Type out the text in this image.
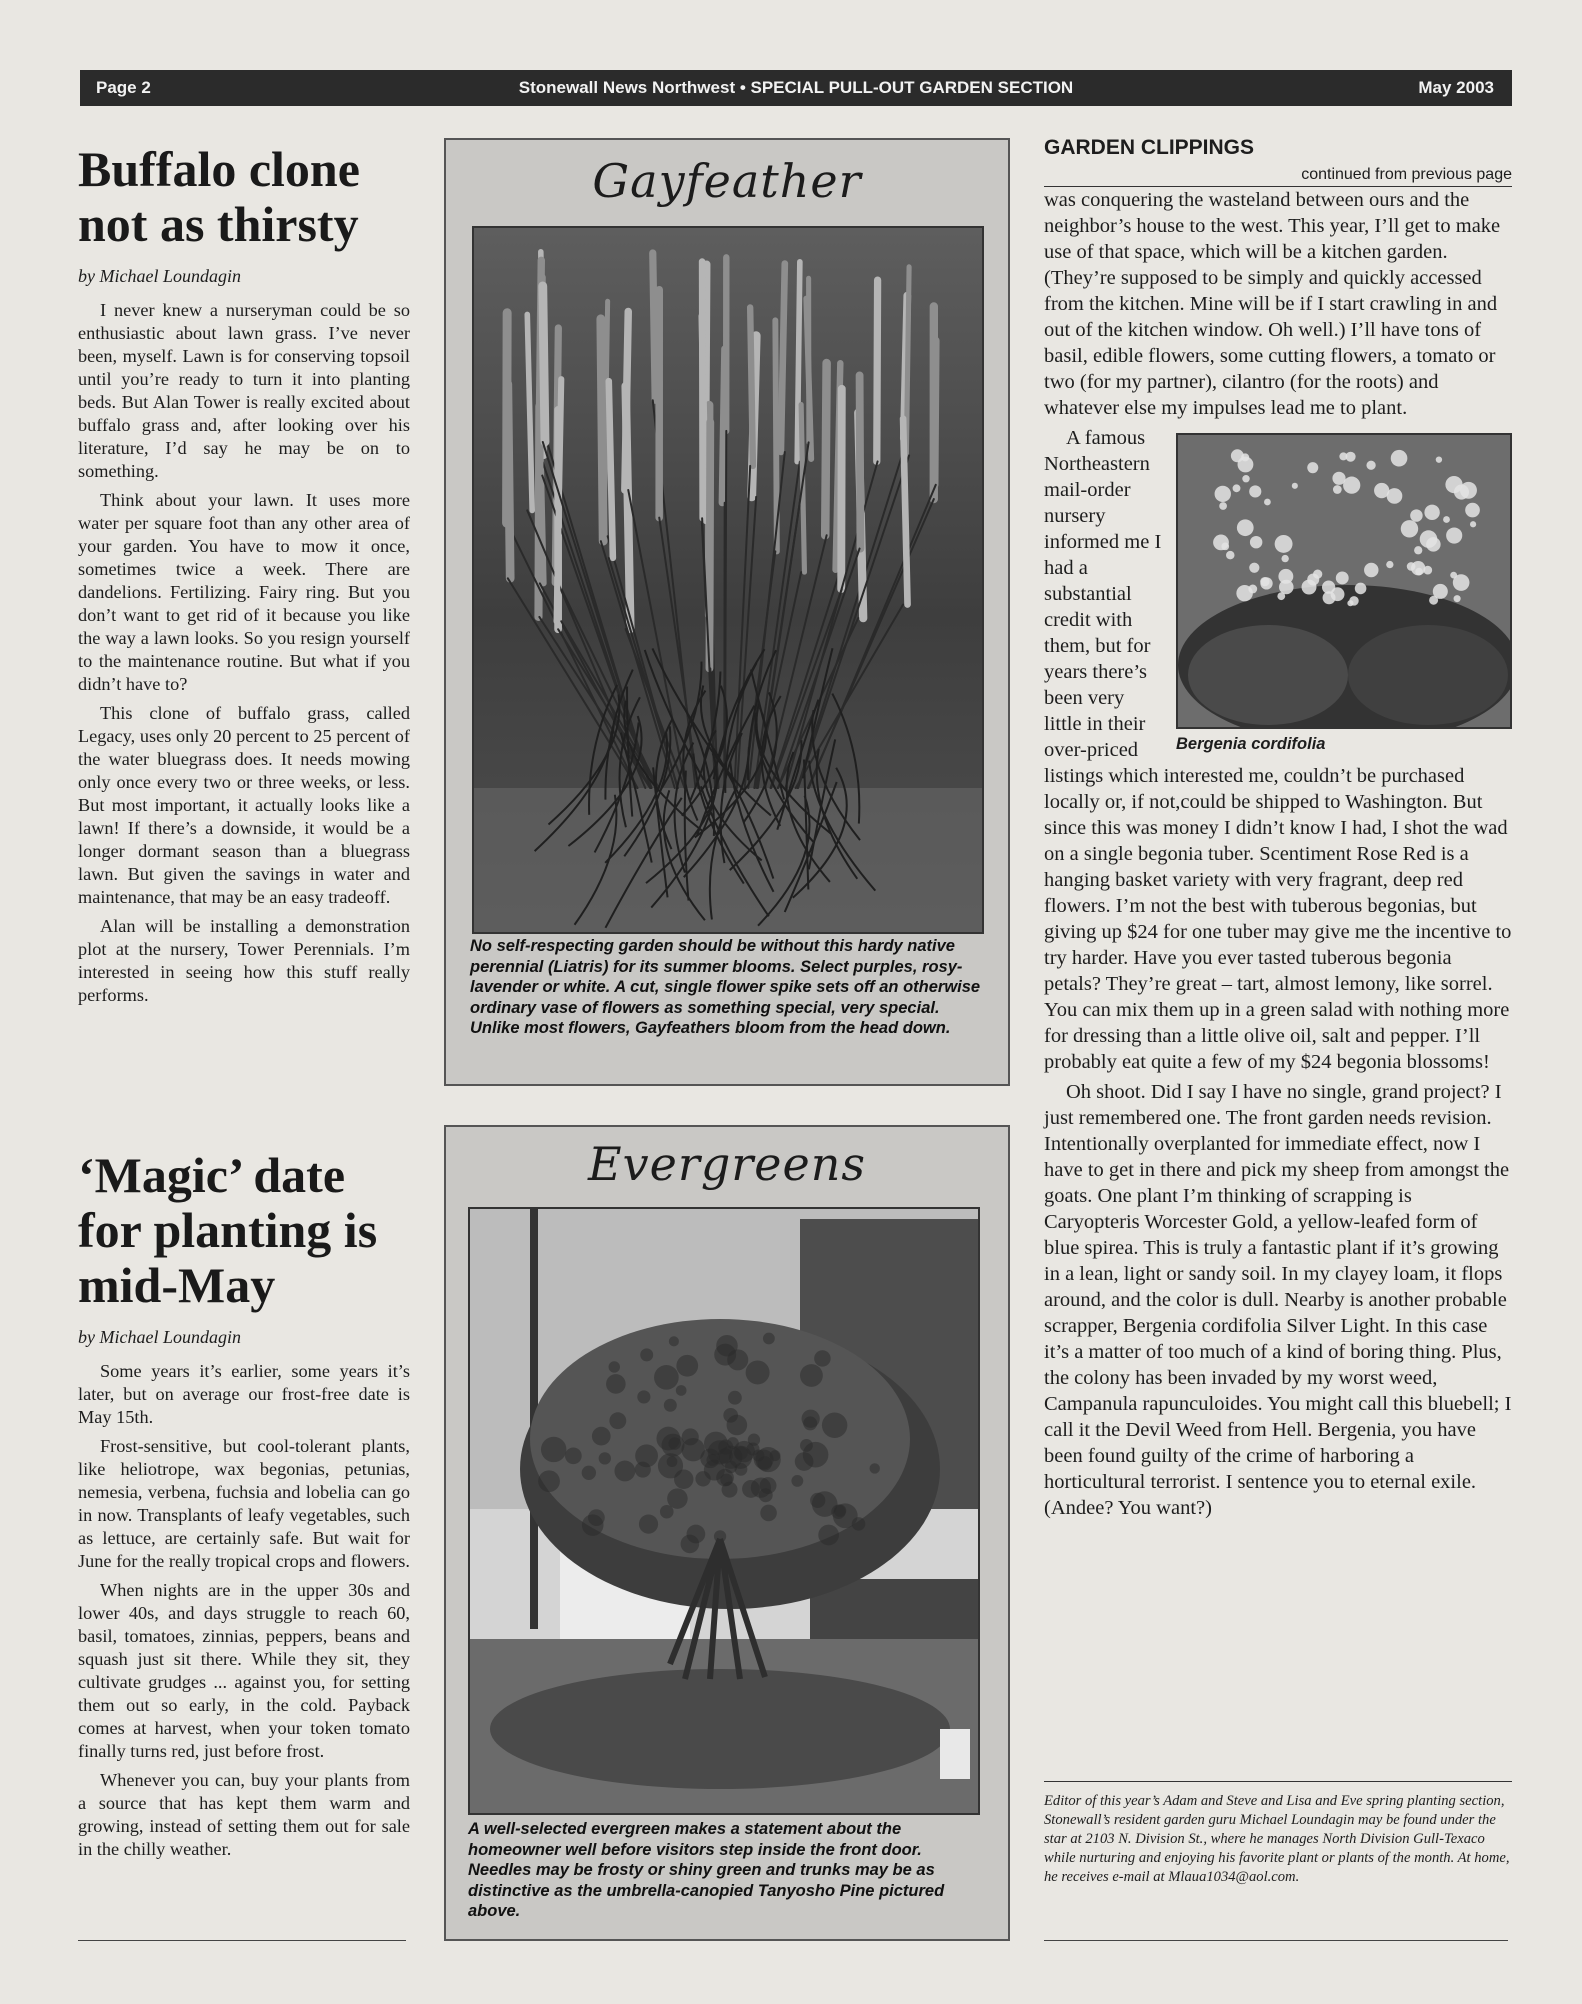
Page 2	Stonewall News Northwest • SPECIAL PULL-OUT GARDEN SECTION	May 2003
Buffalo clone not as thirsty
by Michael Loundagin

I never knew a nurseryman could be so enthusiastic about lawn grass. I’ve never been, myself. Lawn is for conserving topsoil until you’re ready to turn it into planting beds. But Alan Tower is really excited about buffalo grass and, after looking over his literature, I’d say he may be on to something.

Think about your lawn. It uses more water per square foot than any other area of your garden. You have to mow it once, sometimes twice a week. There are dandelions. Fertilizing. Fairy ring. But you don’t want to get rid of it because you like the way a lawn looks. So you resign yourself to the maintenance routine. But what if you didn’t have to?

This clone of buffalo grass, called Legacy, uses only 20 percent to 25 percent of the water bluegrass does. It needs mowing only once every two or three weeks, or less. But most important, it actually looks like a lawn! If there’s a downside, it would be a longer dormant season than a bluegrass lawn. But given the savings in water and maintenance, that may be an easy tradeoff.

Alan will be installing a demonstration plot at the nursery, Tower Perennials. I’m interested in seeing how this stuff really performs.

‘Magic’ date for planting is mid-May
by Michael Loundagin

Some years it’s earlier, some years it’s later, but on average our frost-free date is May 15th.

Frost-sensitive, but cool-tolerant plants, like heliotrope, wax begonias, petunias, nemesia, verbena, fuchsia and lobelia can go in now. Transplants of leafy vegetables, such as lettuce, are certainly safe. But wait for June for the really tropical crops and flowers.

When nights are in the upper 30s and lower 40s, and days struggle to reach 60, basil, tomatoes, zinnias, peppers, beans and squash just sit there. While they sit, they cultivate grudges ... against you, for setting them out so early, in the cold. Payback comes at harvest, when your token tomato finally turns red, just before frost.

Whenever you can, buy your plants from a source that has kept them warm and growing, instead of setting them out for sale in the chilly weather.

Gayfeather
No self-respecting garden should be without this hardy native perennial (Liatris) for its summer blooms. Select purples, rosy-lavender or white. A cut, single flower spike sets off an otherwise ordinary vase of flowers as something special, very special. Unlike most flowers, Gayfeathers bloom from the head down.
Evergreens
A well-selected evergreen makes a statement about the homeowner well before visitors step inside the front door. Needles may be frosty or shiny green and trunks may be as distinctive as the umbrella-canopied Tanyosho Pine pictured above.
GARDEN CLIPPINGS
continued from previous page

was conquering the wasteland between ours and the neighbor’s house to the west. This year, I’ll get to make use of that space, which will be a kitchen garden. (They’re supposed to be simply and quickly accessed from the kitchen. Mine will be if I start crawling in and out of the kitchen window. Oh well.) I’ll have tons of basil, edible flowers, some cutting flowers, a tomato or two (for my partner), cilantro (for the roots) and whatever else my impulses lead me to plant.

Bergenia cordifolia

A famous Northeastern mail-order nursery informed me I had a substantial credit with them, but for years there’s been very little in their over-priced listings which interested me, couldn’t be purchased locally or, if not,could be shipped to Washington. But since this was money I didn’t know I had, I shot the wad on a single begonia tuber. Scentiment Rose Red is a hanging basket variety with very fragrant, deep red flowers. I’m not the best with tuberous begonias, but giving up $24 for one tuber may give me the incentive to try harder. Have you ever tasted tuberous begonia petals? They’re great – tart, almost lemony, like sorrel. You can mix them up in a green salad with nothing more for dressing than a little olive oil, salt and pepper. I’ll probably eat quite a few of my $24 begonia blossoms!

Oh shoot. Did I say I have no single, grand project? I just remembered one. The front garden needs revision. Intentionally overplanted for immediate effect, now I have to get in there and pick my sheep from amongst the goats. One plant I’m thinking of scrapping is Caryopteris Worcester Gold, a yellow-leafed form of blue spirea. This is truly a fantastic plant if it’s growing in a lean, light or sandy soil. In my clayey loam, it flops around, and the color is dull. Nearby is another probable scrapper, Bergenia cordifolia Silver Light. In this case it’s a matter of too much of a kind of boring thing. Plus, the colony has been invaded by my worst weed, Campanula rapunculoides. You might call this bluebell; I call it the Devil Weed from Hell. Bergenia, you have been found guilty of the crime of harboring a horticultural terrorist. I sentence you to eternal exile. (Andee? You want?)

Editor of this year’s Adam and Steve and Lisa and Eve spring planting section, Stonewall’s resident garden guru Michael Loundagin may be found under the star at 2103 N. Division St., where he manages North Division Gull-Texaco while nurturing and enjoying his favorite plant or plants of the month. At home, he receives e-mail at Mlaua1034@aol.com.
